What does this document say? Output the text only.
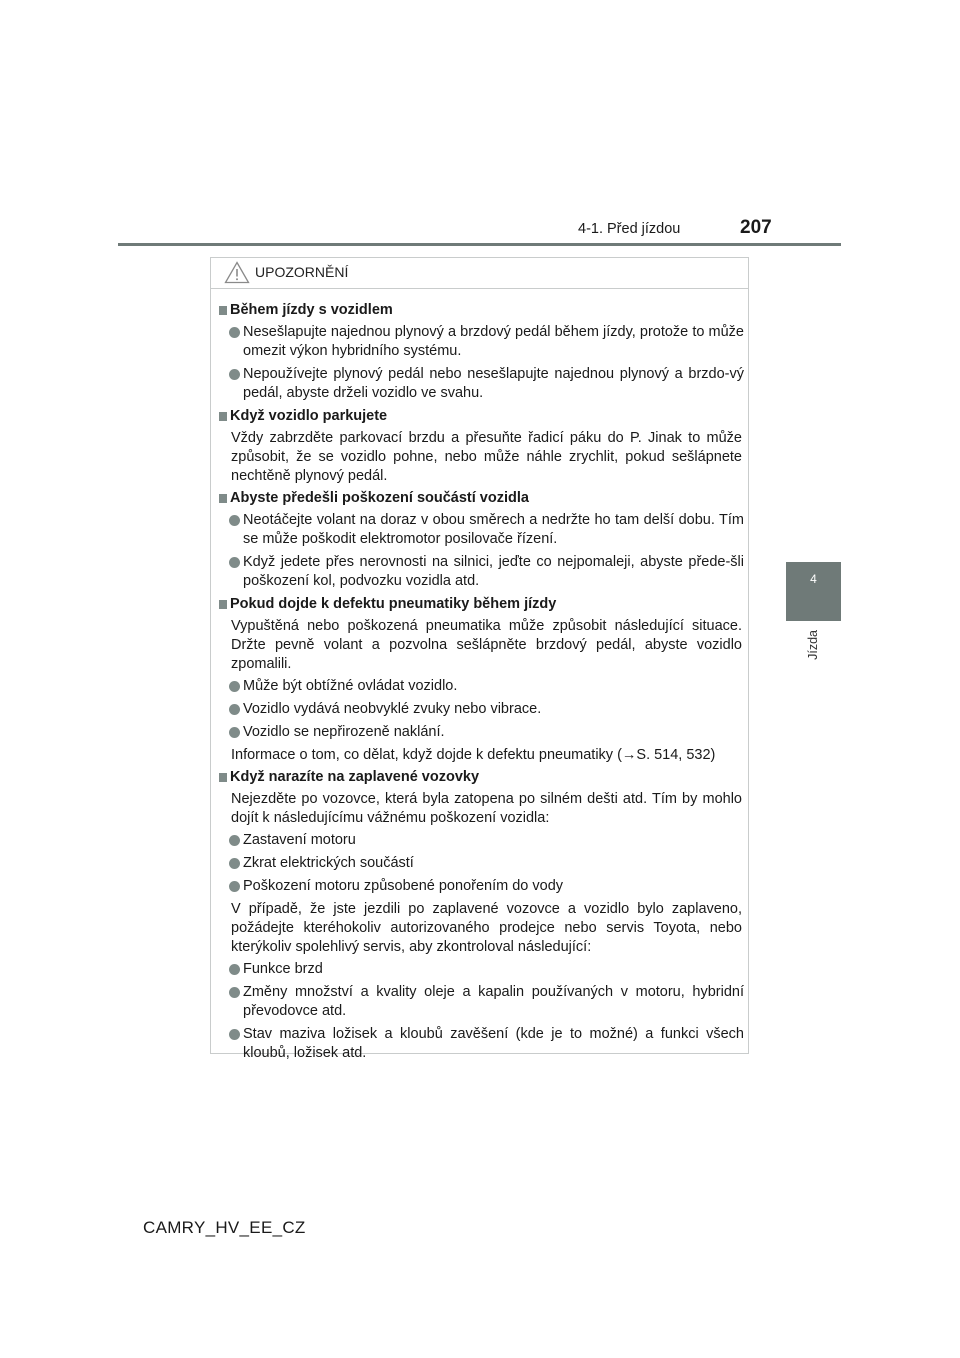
4-1. Před jízdou	207
4
Jízda
UPOZORNĚNÍ
Během jízdy s vozidlem
Nesešlapujte najednou plynový a brzdový pedál během jízdy, protože to může omezit výkon hybridního systému.
Nepoužívejte plynový pedál nebo nesešlapujte najednou plynový a brzdo-vý pedál, abyste drželi vozidlo ve svahu.
Když vozidlo parkujete
Vždy zabrzděte parkovací brzdu a přesuňte řadicí páku do P. Jinak to může způsobit, že se vozidlo pohne, nebo může náhle zrychlit, pokud sešlápnete nechtěně plynový pedál.
Abyste předešli poškození součástí vozidla
Neotáčejte volant na doraz v obou směrech a nedržte ho tam delší dobu. Tím se může poškodit elektromotor posilovače řízení.
Když jedete přes nerovnosti na silnici, jeďte co nejpomaleji, abyste přede-šli poškození kol, podvozku vozidla atd.
Pokud dojde k defektu pneumatiky během jízdy
Vypuštěná nebo poškozená pneumatika může způsobit následující situace. Držte pevně volant a pozvolna sešlápněte brzdový pedál, abyste vozidlo zpomalili.
Může být obtížné ovládat vozidlo.
Vozidlo vydává neobvyklé zvuky nebo vibrace.
Vozidlo se nepřirozeně naklání.
Informace o tom, co dělat, když dojde k defektu pneumatiky (→S. 514, 532)
Když narazíte na zaplavené vozovky
Nejezděte po vozovce, která byla zatopena po silném dešti atd. Tím by mohlo dojít k následujícímu vážnému poškození vozidla:
Zastavení motoru
Zkrat elektrických součástí
Poškození motoru způsobené ponořením do vody
V případě, že jste jezdili po zaplavené vozovce a vozidlo bylo zaplaveno, požádejte kteréhokoliv autorizovaného prodejce nebo servis Toyota, nebo kterýkoliv spolehlivý servis, aby zkontroloval následující:
Funkce brzd
Změny množství a kvality oleje a kapalin používaných v motoru, hybridní převodovce atd.
Stav maziva ložisek a kloubů zavěšení (kde je to možné) a funkci všech kloubů, ložisek atd.
CAMRY_HV_EE_CZ
